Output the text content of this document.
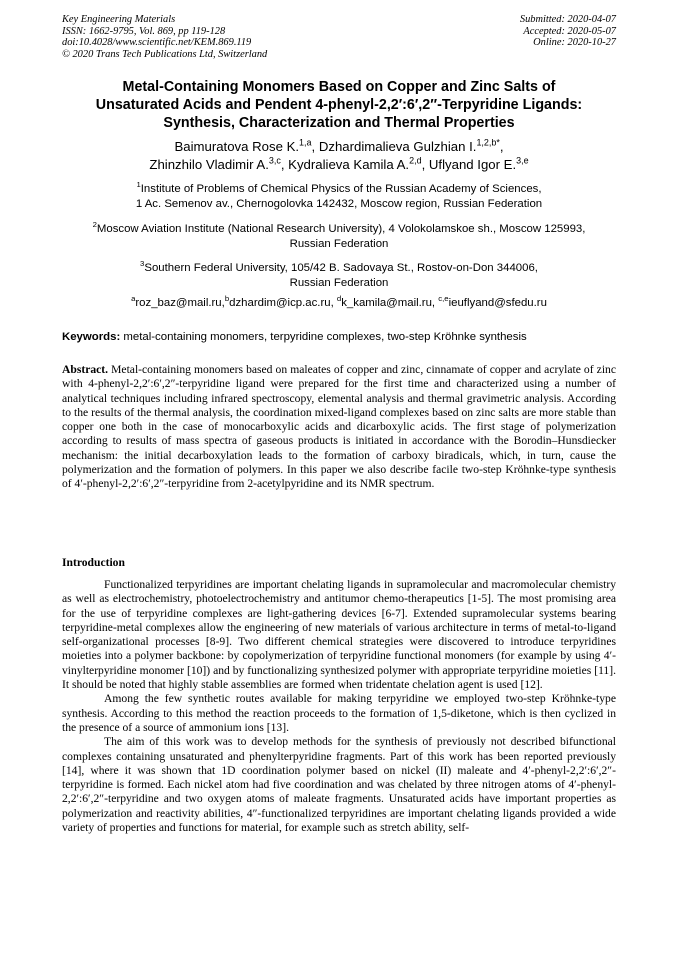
Key Engineering Materials
ISSN: 1662-9795, Vol. 869, pp 119-128
doi:10.4028/www.scientific.net/KEM.869.119
© 2020 Trans Tech Publications Ltd, Switzerland
Submitted: 2020-04-07
Accepted: 2020-05-07
Online: 2020-10-27
Metal-Containing Monomers Based on Copper and Zinc Salts of
Unsaturated Acids and Pendent 4-phenyl-2,2′:6′,2″-Terpyridine Ligands:
Synthesis, Characterization and Thermal Properties
Baimuratova Rose K.$^{1,a}$, Dzhardimalieva Gulzhian I.$^{1,2,b*}$,
Zhinzhilo Vladimir A.$^{3,c}$, Kydralieva Kamila A.$^{2,d}$, Uflyand Igor E.$^{3,e}$
$^1$Institute of Problems of Chemical Physics of the Russian Academy of Sciences,
1 Ac. Semenov av., Chernogolovka 142432, Moscow region, Russian Federation
$^2$Moscow Aviation Institute (National Research University), 4 Volokolamskoe sh., Moscow 125993,
Russian Federation
$^3$Southern Federal University, 105/42 B. Sadovaya St., Rostov‑on‑Don 344006,
Russian Federation
$^a$roz_baz@mail.ru,$^b$dzhardim@icp.ac.ru, $^d$k_kamila@mail.ru, $^{c,e}$ieuflyand@sfedu.ru
Keywords: metal-containing monomers, terpyridine complexes, two-step Kröhnke synthesis

Abstract. Metal-containing monomers based on maleates of copper and zinc, cinnamate of copper and acrylate of zinc with 4-phenyl-2,2′:6′,2″-terpyridine ligand were prepared for the first time and characterized using a number of analytical techniques including infrared spectroscopy, elemental analysis and thermal gravimetric analysis. According to the results of the thermal analysis, the coordination mixed-ligand complexes based on zinc salts are more stable than copper one both in the case of monocarboxylic acids and dicarboxylic acids. The first stage of polymerization according to results of mass spectra of gaseous products is initiated in accordance with the Borodin–Hunsdiecker mechanism: the initial decarboxylation leads to the formation of carboxy biradicals, which, in turn, cause the polymerization and the formation of polymers. In this paper we also describe facile two-step Kröhnke-type synthesis of 4′-phenyl-2,2′:6′,2″-terpyridine from 2-acetylpyridine and its NMR spectrum.

Introduction

Functionalized terpyridines are important chelating ligands in supramolecular and macromolecular chemistry as well as electrochemistry, photoelectrochemistry and antitumor chemo-therapeutics [1-5]. The most promising area for the use of terpyridine complexes are light-gathering devices [6-7]. Extended supramolecular systems bearing terpyridine-metal complexes allow the engineering of new materials of various architecture in terms of metal-to-ligand self-organizational processes [8-9]. Two different chemical strategies were discovered to introduce terpyridines moieties into a polymer backbone: by copolymerization of terpyridine functional monomers (for example by using 4′-vinylterpyridine monomer [10]) and by functionalizing synthesized polymer with appropriate terpyridine moieties [11]. It should be noted that highly stable assemblies are formed when tridentate chelation agent is used [12].

Among the few synthetic routes available for making terpyridine we employed two-step Kröhnke-type synthesis. According to this method the reaction proceeds to the formation of 1,5-diketone, which is then cyclized in the presence of a source of ammonium ions [13].

The aim of this work was to develop methods for the synthesis of previously not described bifunctional complexes containing unsaturated and phenylterpyridine fragments. Part of this work has been reported previously [14], where it was shown that 1D coordination polymer based on nickel (II) maleate and 4′-phenyl-2,2′:6′,2″-terpyridine is formed. Each nickel atom had five coordination and was chelated by three nitrogen atoms of 4′-phenyl-2,2′:6′,2″-terpyridine and two oxygen atoms of maleate fragments. Unsaturated acids have important properties as polymerization and reactivity abilities, 4″-functionalized terpyridines are important chelating ligands provided a wide variety of properties and functions for material, for example such as stretch ability, self-
